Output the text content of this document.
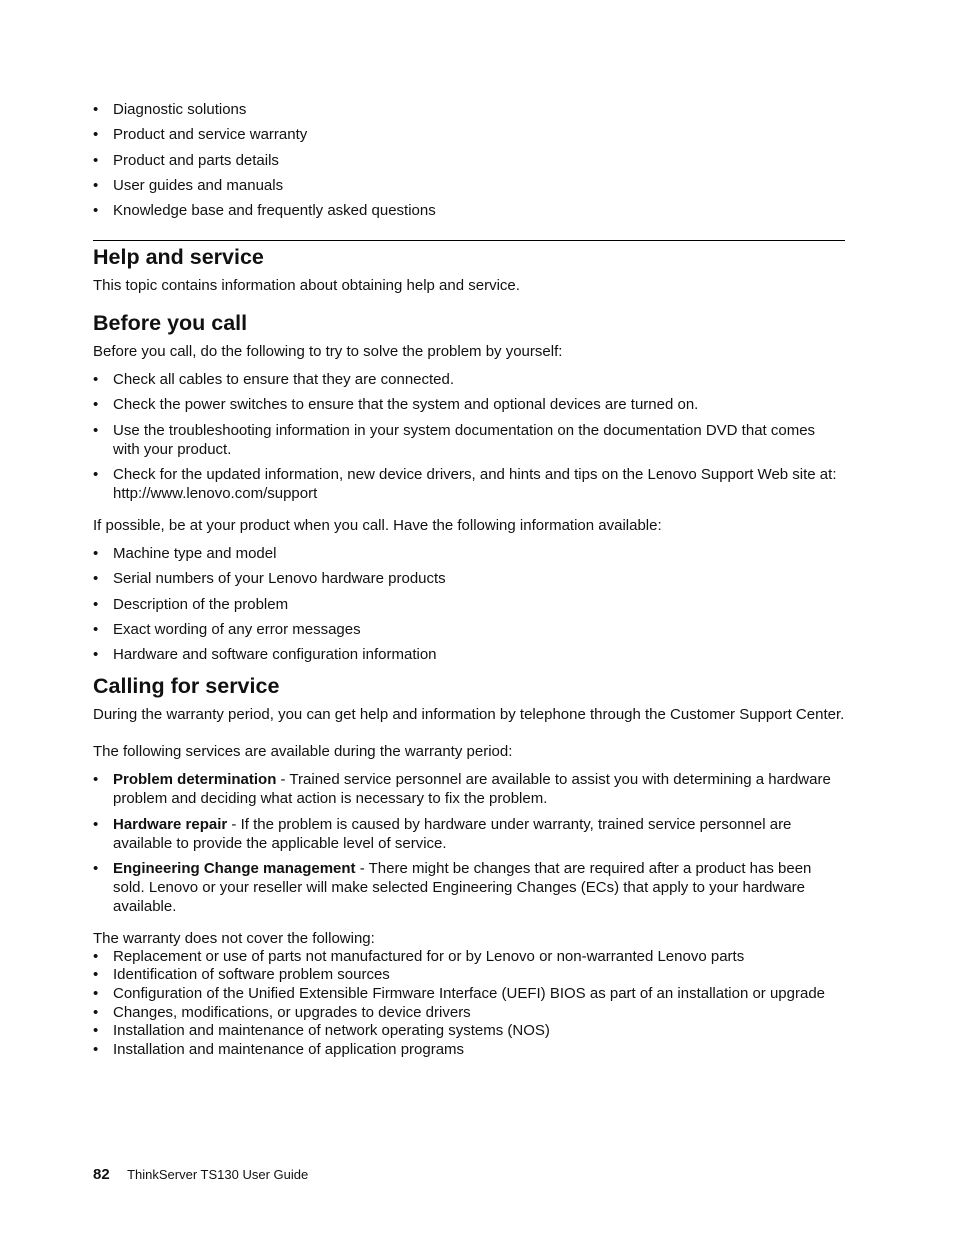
• Diagnostic solutions
• Product and service warranty
• Product and parts details
• User guides and manuals
• Knowledge base and frequently asked questions
Help and service

This topic contains information about obtaining help and service.

Before you call

Before you call, do the following to try to solve the problem by yourself:

• Check all cables to ensure that they are connected.
• Check the power switches to ensure that the system and optional devices are turned on.
• Use the troubleshooting information in your system documentation on the documentation DVD that comes with your product.
• Check for the updated information, new device drivers, and hints and tips on the Lenovo Support Web site at:
http://www.lenovo.com/support

If possible, be at your product when you call. Have the following information available:

• Machine type and model
• Serial numbers of your Lenovo hardware products
• Description of the problem
• Exact wording of any error messages
• Hardware and software configuration information
Calling for service

During the warranty period, you can get help and information by telephone through the Customer Support Center.

The following services are available during the warranty period:

• Problem determination - Trained service personnel are available to assist you with determining a hardware problem and deciding what action is necessary to fix the problem.
• Hardware repair - If the problem is caused by hardware under warranty, trained service personnel are available to provide the applicable level of service.
• Engineering Change management - There might be changes that are required after a product has been sold. Lenovo or your reseller will make selected Engineering Changes (ECs) that apply to your hardware available.

The warranty does not cover the following:

• Replacement or use of parts not manufactured for or by Lenovo or non-warranted Lenovo parts
• Identification of software problem sources
• Configuration of the Unified Extensible Firmware Interface (UEFI) BIOS as part of an installation or upgrade
• Changes, modifications, or upgrades to device drivers
• Installation and maintenance of network operating systems (NOS)
• Installation and maintenance of application programs
82 ThinkServer TS130 User Guide
